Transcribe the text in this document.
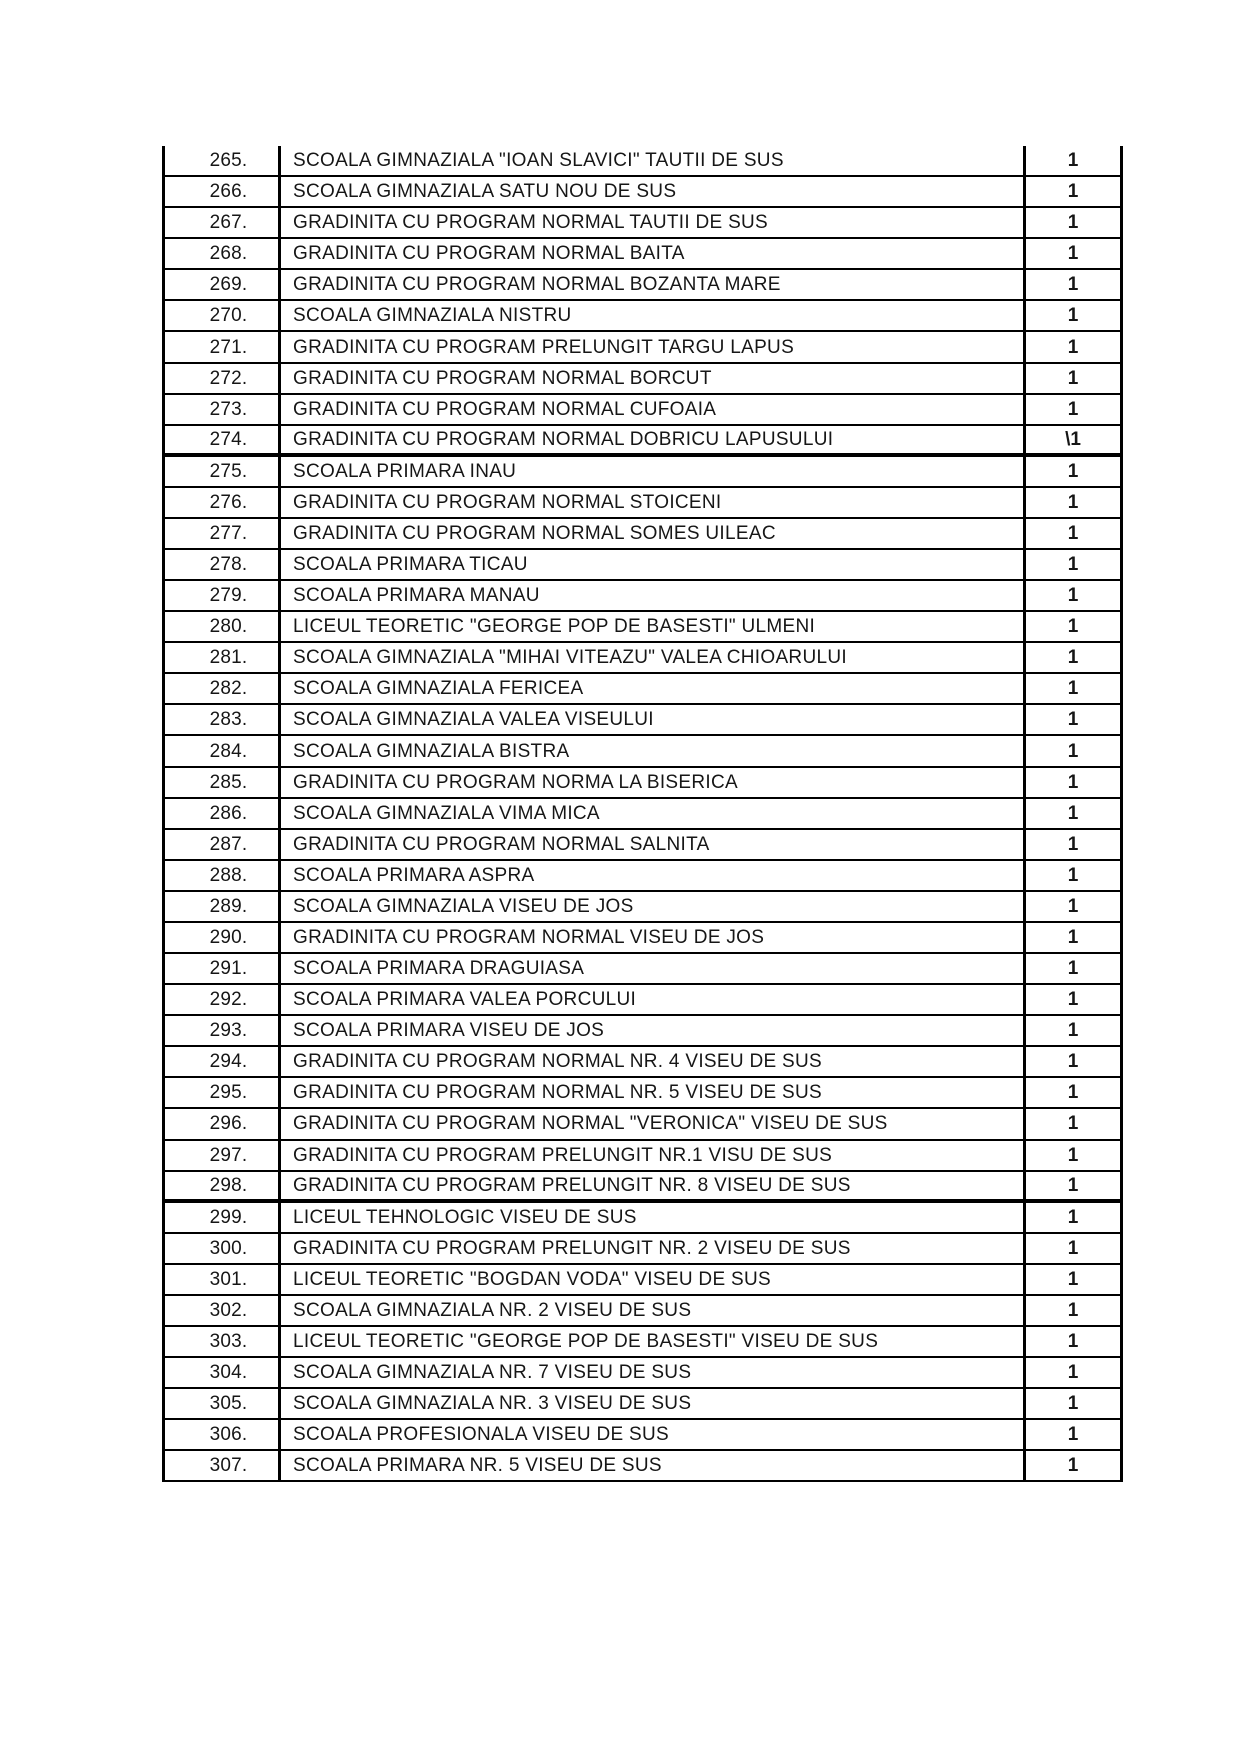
265.	SCOALA GIMNAZIALA "IOAN SLAVICI" TAUTII DE SUS	1
266.	SCOALA GIMNAZIALA SATU NOU DE SUS	1
267.	GRADINITA CU PROGRAM NORMAL TAUTII DE SUS	1
268.	GRADINITA CU PROGRAM NORMAL BAITA	1
269.	GRADINITA CU PROGRAM NORMAL BOZANTA MARE	1
270.	SCOALA GIMNAZIALA NISTRU	1
271.	GRADINITA CU PROGRAM PRELUNGIT TARGU LAPUS	1
272.	GRADINITA CU PROGRAM NORMAL BORCUT	1
273.	GRADINITA CU PROGRAM NORMAL CUFOAIA	1
274.	GRADINITA CU PROGRAM NORMAL DOBRICU LAPUSULUI	\1
275.	SCOALA PRIMARA INAU	1
276.	GRADINITA CU PROGRAM NORMAL STOICENI	1
277.	GRADINITA CU PROGRAM NORMAL SOMES UILEAC	1
278.	SCOALA PRIMARA TICAU	1
279.	SCOALA PRIMARA MANAU	1
280.	LICEUL TEORETIC "GEORGE POP DE BASESTI" ULMENI	1
281.	SCOALA GIMNAZIALA "MIHAI VITEAZU" VALEA CHIOARULUI	1
282.	SCOALA GIMNAZIALA FERICEA	1
283.	SCOALA GIMNAZIALA VALEA VISEULUI	1
284.	SCOALA GIMNAZIALA BISTRA	1
285.	GRADINITA CU PROGRAM NORMA LA BISERICA	1
286.	SCOALA GIMNAZIALA VIMA MICA	1
287.	GRADINITA CU PROGRAM NORMAL SALNITA	1
288.	SCOALA PRIMARA ASPRA	1
289.	SCOALA GIMNAZIALA VISEU DE JOS	1
290.	GRADINITA CU PROGRAM NORMAL VISEU DE JOS	1
291.	SCOALA PRIMARA DRAGUIASA	1
292.	SCOALA PRIMARA VALEA PORCULUI	1
293.	SCOALA PRIMARA VISEU DE JOS	1
294.	GRADINITA CU PROGRAM NORMAL NR. 4 VISEU DE SUS	1
295.	GRADINITA CU PROGRAM NORMAL NR. 5 VISEU DE SUS	1
296.	GRADINITA CU PROGRAM NORMAL "VERONICA" VISEU DE SUS	1
297.	GRADINITA CU PROGRAM PRELUNGIT NR.1 VISU DE SUS	1
298.	GRADINITA CU PROGRAM PRELUNGIT NR. 8 VISEU DE SUS	1
299.	LICEUL TEHNOLOGIC VISEU DE SUS	1
300.	GRADINITA CU PROGRAM PRELUNGIT NR. 2 VISEU DE SUS	1
301.	LICEUL TEORETIC "BOGDAN VODA" VISEU DE SUS	1
302.	SCOALA GIMNAZIALA NR. 2 VISEU DE SUS	1
303.	LICEUL TEORETIC "GEORGE POP DE BASESTI" VISEU DE SUS	1
304.	SCOALA GIMNAZIALA NR. 7 VISEU DE SUS	1
305.	SCOALA GIMNAZIALA NR. 3 VISEU DE SUS	1
306.	SCOALA PROFESIONALA VISEU DE SUS	1
307.	SCOALA PRIMARA NR. 5 VISEU DE SUS	1
